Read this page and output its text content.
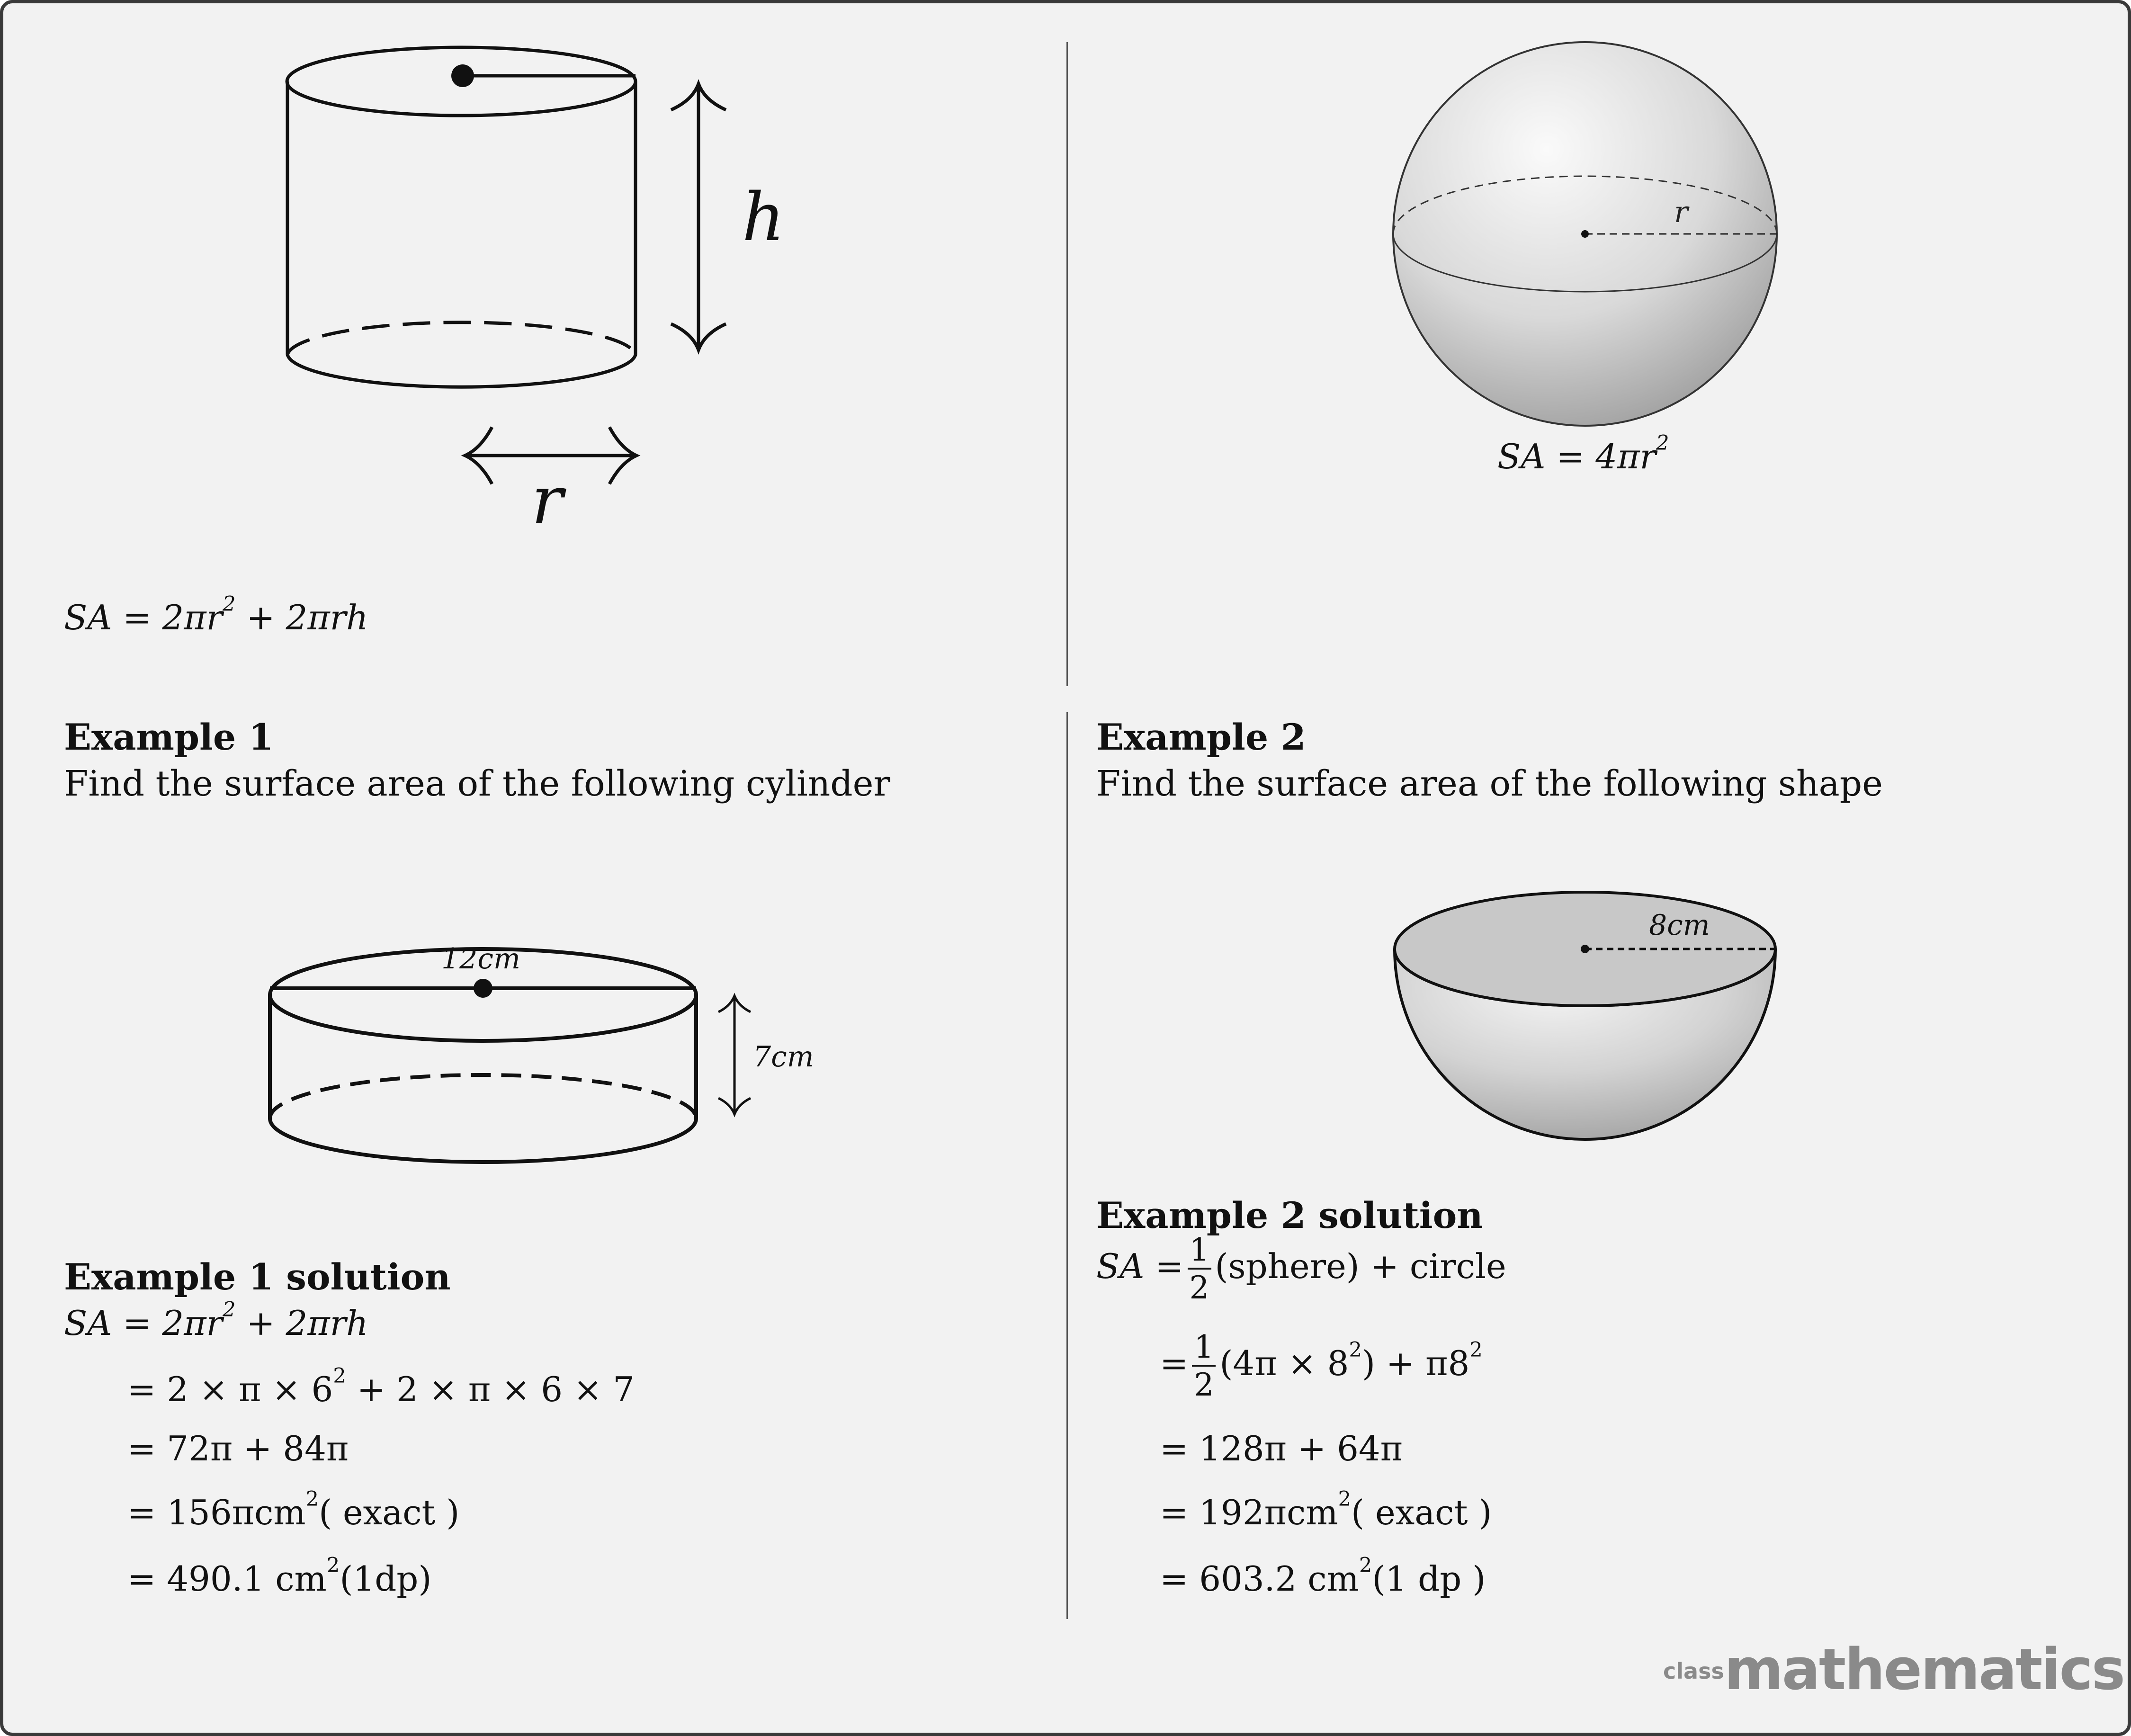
h
r
SA = $2\pi r^2 + 2\pi rh$
r
SA = $4\pi r^2$
Example 1
Find the surface area of the following cylinder
12cm
7cm
Example 1 solution
SA = $2\pi r^2 + 2\pi rh$
= $2 \times \pi \times 6^2 + 2 \times \pi \times 6 \times 7$
= 72π + 84π
= 156πcm$^2$( exact )
= 490.1 $cm^2(1dp)$
Example 2
Find the surface area of the following shape
8cm
Example 2 solution
SA = $\frac{1}{2}$ (sphere) + circle
= $\frac{1}{2} (4\pi \times 8^2) + \pi 8^2$
= 128π + 64π
= 192πcm$^2$( exact )
= 603.2 $cm^2(1$ dp )
classmathematics
